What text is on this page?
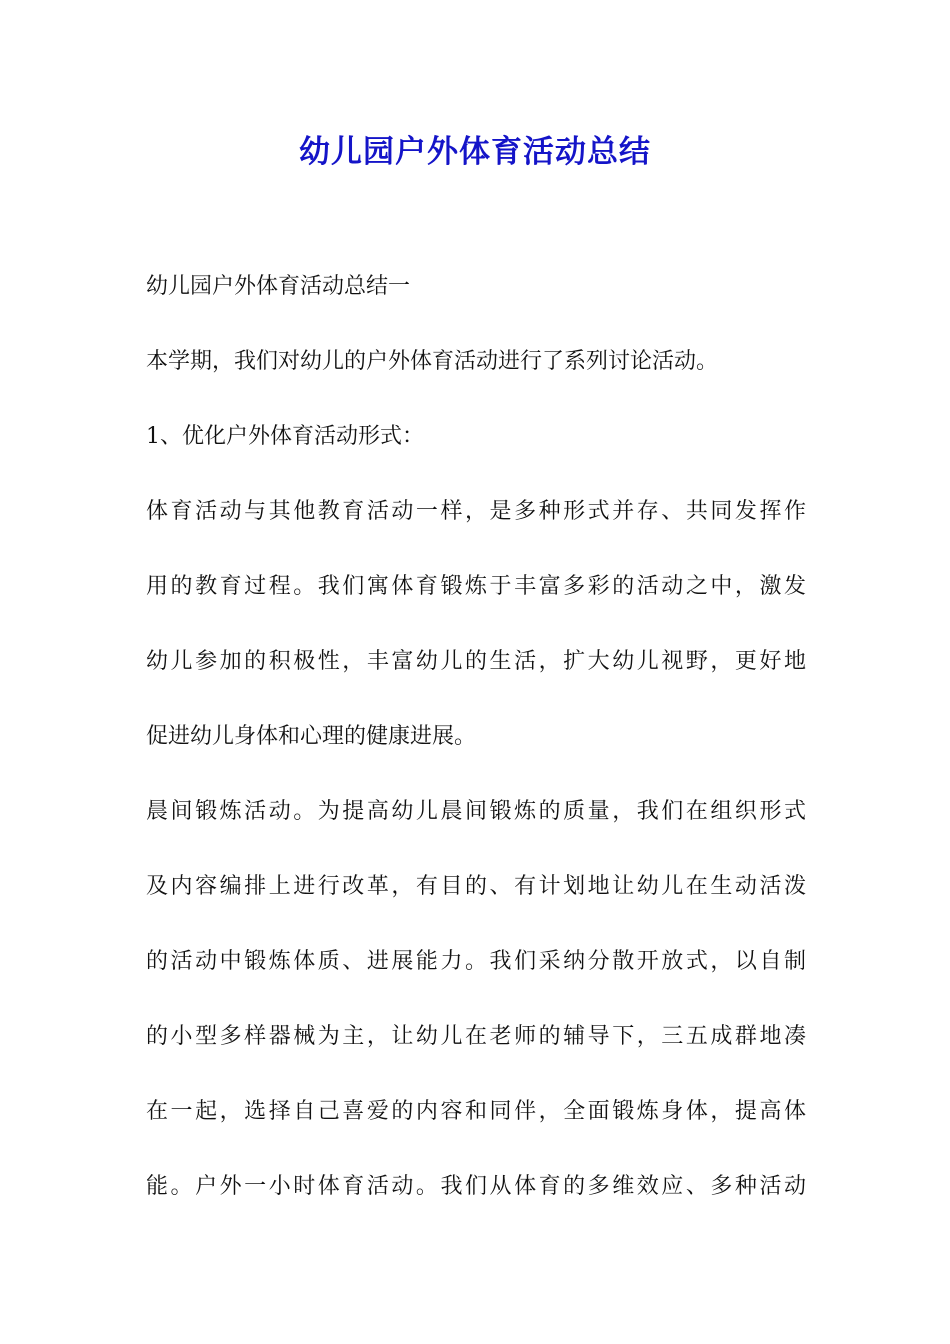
幼儿园户外体育活动总结

幼儿园户外体育活动总结一

本学期，我们对幼儿的户外体育活动进行了系列讨论活动。

1、优化户外体育活动形式：

体育活动与其他教育活动一样，是多种形式并存、共同发挥作

用的教育过程。我们寓体育锻炼于丰富多彩的活动之中，激发

幼儿参加的积极性，丰富幼儿的生活，扩大幼儿视野，更好地

促进幼儿身体和心理的健康进展。

晨间锻炼活动。为提高幼儿晨间锻炼的质量，我们在组织形式

及内容编排上进行改革，有目的、有计划地让幼儿在生动活泼

的活动中锻炼体质、进展能力。我们采纳分散开放式，以自制

的小型多样器械为主，让幼儿在老师的辅导下，三五成群地凑

在一起，选择自己喜爱的内容和同伴，全面锻炼身体，提高体

能。户外一小时体育活动。我们从体育的多维效应、多种活动
